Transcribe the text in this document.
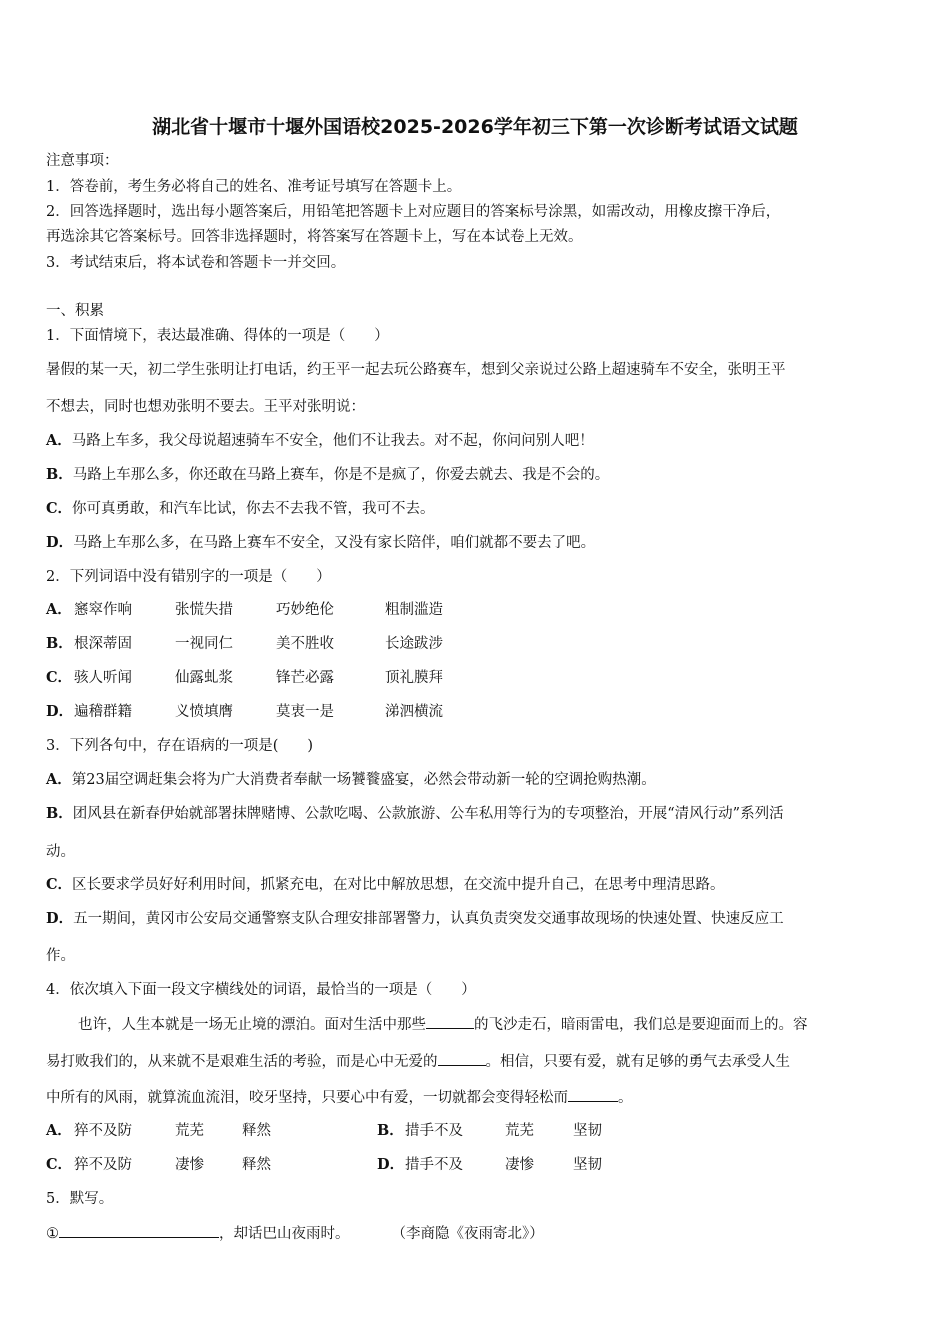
湖北省十堰市十堰外国语校2025-2026学年初三下第一次诊断考试语文试题
注意事项：
1．答卷前，考生务必将自己的姓名、准考证号填写在答题卡上。
2．回答选择题时，选出每小题答案后，用铅笔把答题卡上对应题目的答案标号涂黑，如需改动，用橡皮擦干净后，
再选涂其它答案标号。回答非选择题时，将答案写在答题卡上，写在本试卷上无效。
3．考试结束后，将本试卷和答题卡一并交回。
一、积累
1．下面情境下，表达最准确、得体的一项是（　　）
暑假的某一天，初二学生张明让打电话，约王平一起去玩公路赛车，想到父亲说过公路上超速骑车不安全，张明王平
不想去，同时也想劝张明不要去。王平对张明说：
A．马路上车多，我父母说超速骑车不安全，他们不让我去。对不起，你问问别人吧！
B．马路上车那么多，你还敢在马路上赛车，你是不是疯了，你爱去就去、我是不会的。
C．你可真勇敢，和汽车比试，你去不去我不管，我可不去。
D．马路上车那么多，在马路上赛车不安全，又没有家长陪伴，咱们就都不要去了吧。
2．下列词语中没有错别字的一项是（　　）
A． 窸窣作响	张慌失措	巧妙绝伦	粗制滥造
B． 根深蒂固	一视同仁	美不胜收	长途跋涉
C． 骇人听闻	仙露虬浆	锋芒必露	顶礼膜拜
D． 遍稽群籍	义愤填膺	莫衷一是	涕泗横流
3．下列各句中，存在语病的一项是(　　)
A．第23届空调赶集会将为广大消费者奉献一场饕餮盛宴，必然会带动新一轮的空调抢购热潮。
B．团风县在新春伊始就部署抹牌赌博、公款吃喝、公款旅游、公车私用等行为的专项整治，开展“清风行动”系列活
动。
C．区长要求学员好好利用时间，抓紧充电，在对比中解放思想，在交流中提升自己，在思考中理清思路。
D．五一期间，黄冈市公安局交通警察支队合理安排部署警力，认真负责突发交通事故现场的快速处置、快速反应工
作。
4．依次填入下面一段文字横线处的词语，最恰当的一项是（　　）
也许，人生本就是一场无止境的漂泊。面对生活中那些	的飞沙走石，暗雨雷电，我们总是要迎面而上的。容
易打败我们的，从来就不是艰难生活的考验，而是心中无爱的	。相信，只要有爱，就有足够的勇气去承受人生
中所有的风雨，就算流血流泪，咬牙坚持，只要心中有爱，一切就都会变得轻松而	。
A． 猝不及防	荒芜	释然	B． 措手不及	荒芜	坚韧
C． 猝不及防	凄惨	释然	D． 措手不及	凄惨	坚韧
5．默写。
①	，却话巴山夜雨时。	（李商隐《夜雨寄北》）
